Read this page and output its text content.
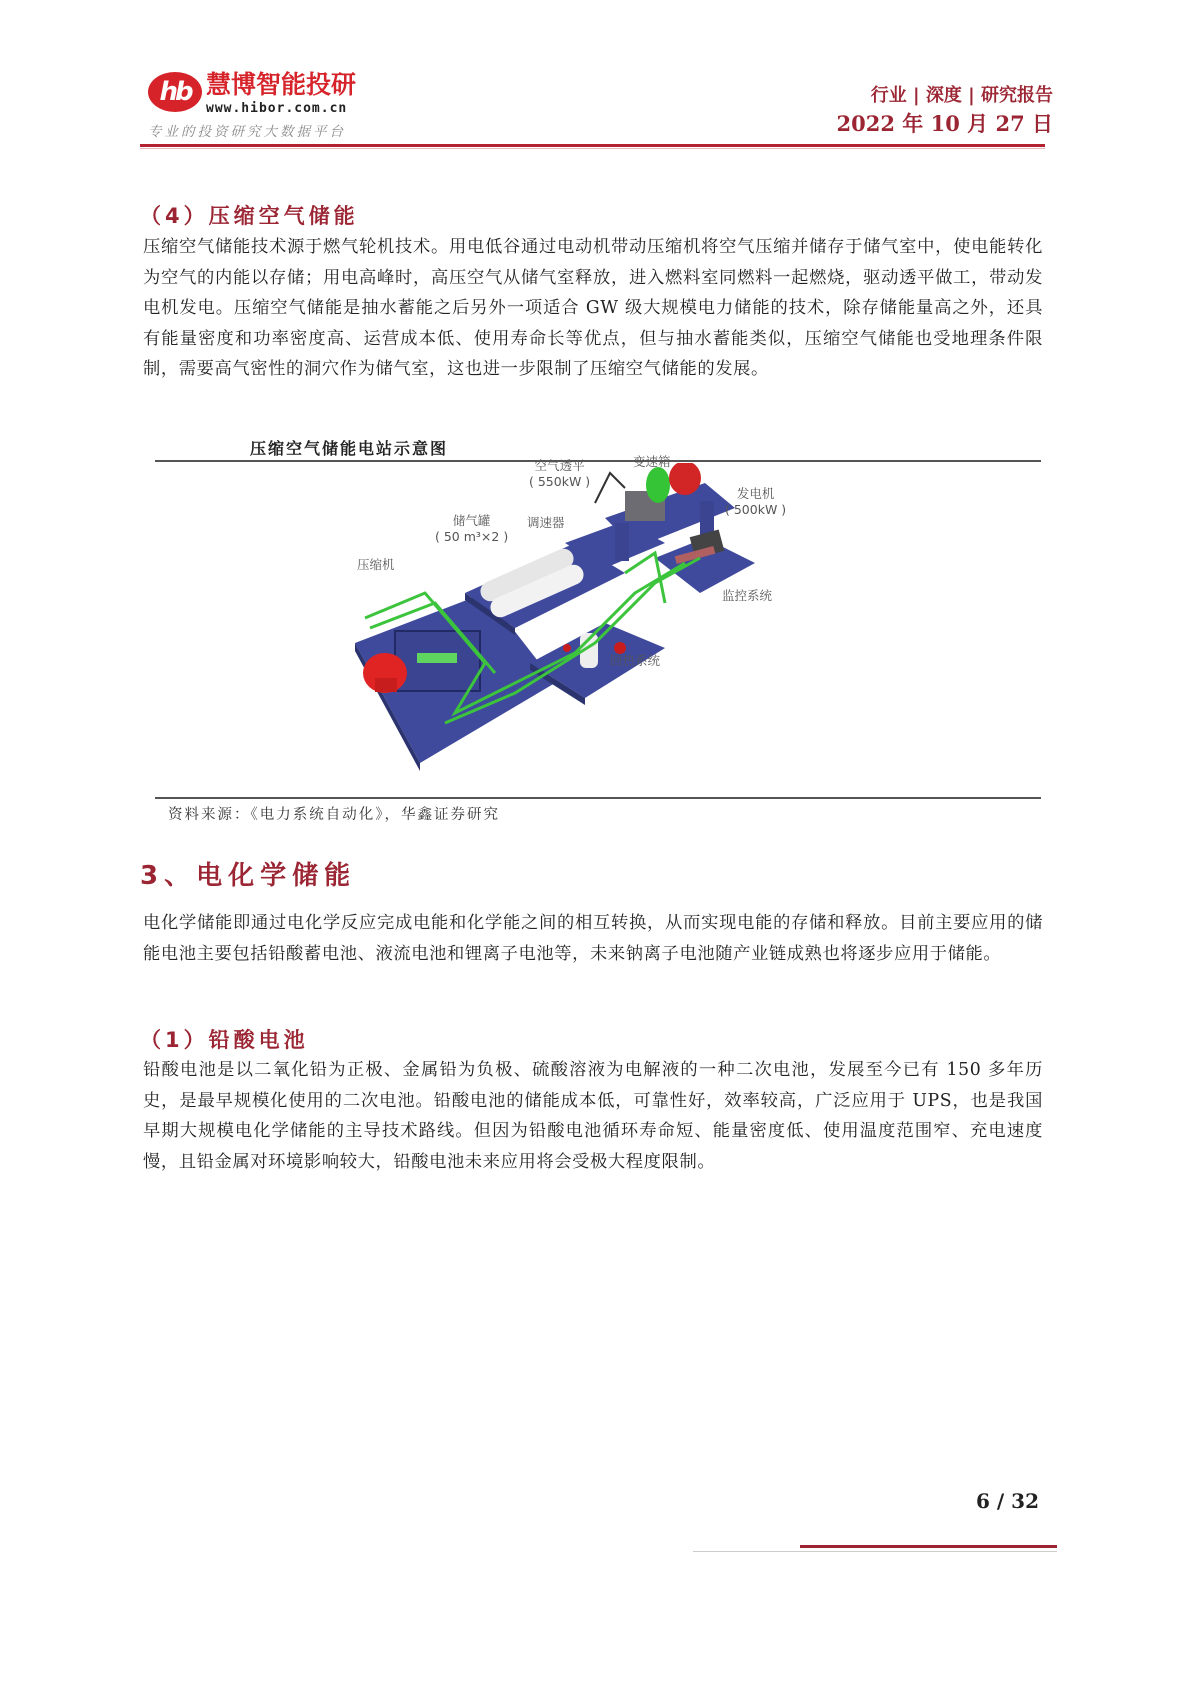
hb 慧博智能投研
www.hibor.com.cn
专业的投资研究大数据平台
行业 | 深度 | 研究报告
2022 年 10 月 27 日
（4）压缩空气储能
压缩空气储能技术源于燃气轮机技术。用电低谷通过电动机带动压缩机将空气压缩并储存于储气室中，使电能转化为空气的内能以存储；用电高峰时，高压空气从储气室释放，进入燃料室同燃料一起燃烧，驱动透平做工，带动发电机发电。压缩空气储能是抽水蓄能之后另外一项适合 GW 级大规模电力储能的技术，除存储能量高之外，还具有能量密度和功率密度高、运营成本低、使用寿命长等优点，但与抽水蓄能类似，压缩空气储能也受地理条件限制，需要高气密性的洞穴作为储气室，这也进一步限制了压缩空气储能的发展。
压缩空气储能电站示意图
空气透平
( 550kW )
变速箱
发电机
( 500kW )
储气罐
( 50 m³×2 )
调速器
压缩机
监控系统
回热系统
资料来源：《电力系统自动化》，华鑫证券研究
3、电化学储能
电化学储能即通过电化学反应完成电能和化学能之间的相互转换，从而实现电能的存储和释放。目前主要应用的储能电池主要包括铅酸蓄电池、液流电池和锂离子电池等，未来钠离子电池随产业链成熟也将逐步应用于储能。
（1）铅酸电池
铅酸电池是以二氧化铅为正极、金属铅为负极、硫酸溶液为电解液的一种二次电池，发展至今已有 150 多年历史，是最早规模化使用的二次电池。铅酸电池的储能成本低，可靠性好，效率较高，广泛应用于 UPS，也是我国早期大规模电化学储能的主导技术路线。但因为铅酸电池循环寿命短、能量密度低、使用温度范围窄、充电速度慢，且铅金属对环境影响较大，铅酸电池未来应用将会受极大程度限制。
6 / 32
